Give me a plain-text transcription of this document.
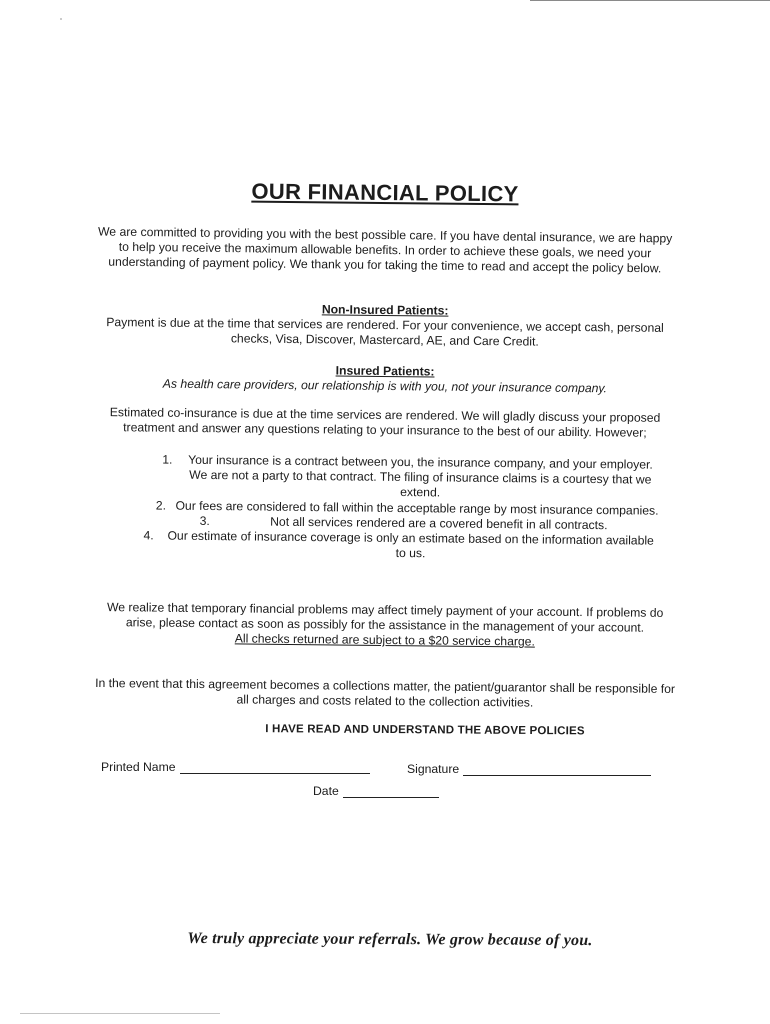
OUR FINANCIAL POLICY
We are committed to providing you with the best possible care. If you have dental insurance, we are happy to help you receive the maximum allowable benefits. In order to achieve these goals, we need your understanding of payment policy. We thank you for taking the time to read and accept the policy below.
Non-Insured Patients:
Payment is due at the time that services are rendered. For your convenience, we accept cash, personal checks, Visa, Discover, Mastercard, AE, and Care Credit.
Insured Patients:
As health care providers, our relationship is with you, not your insurance company.
Estimated co-insurance is due at the time services are rendered. We will gladly discuss your proposed treatment and answer any questions relating to your insurance to the best of our ability. However;
1.	Your insurance is a contract between you, the insurance company, and your employer. We are not a party to that contract. The filing of insurance claims is a courtesy that we extend.
2. Our fees are considered to fall within the acceptable range by most insurance companies.
3.	Not all services rendered are a covered benefit in all contracts.
4.	Our estimate of insurance coverage is only an estimate based on the information available to us.
We realize that temporary financial problems may affect timely payment of your account. If problems do arise, please contact as soon as possibly for the assistance in the management of your account.
All checks returned are subject to a $20 service charge.
In the event that this agreement becomes a collections matter, the patient/guarantor shall be responsible for all charges and costs related to the collection activities.
I HAVE READ AND UNDERSTAND THE ABOVE POLICIES
Printed Name	Signature
Date
We truly appreciate your referrals. We grow because of you.
